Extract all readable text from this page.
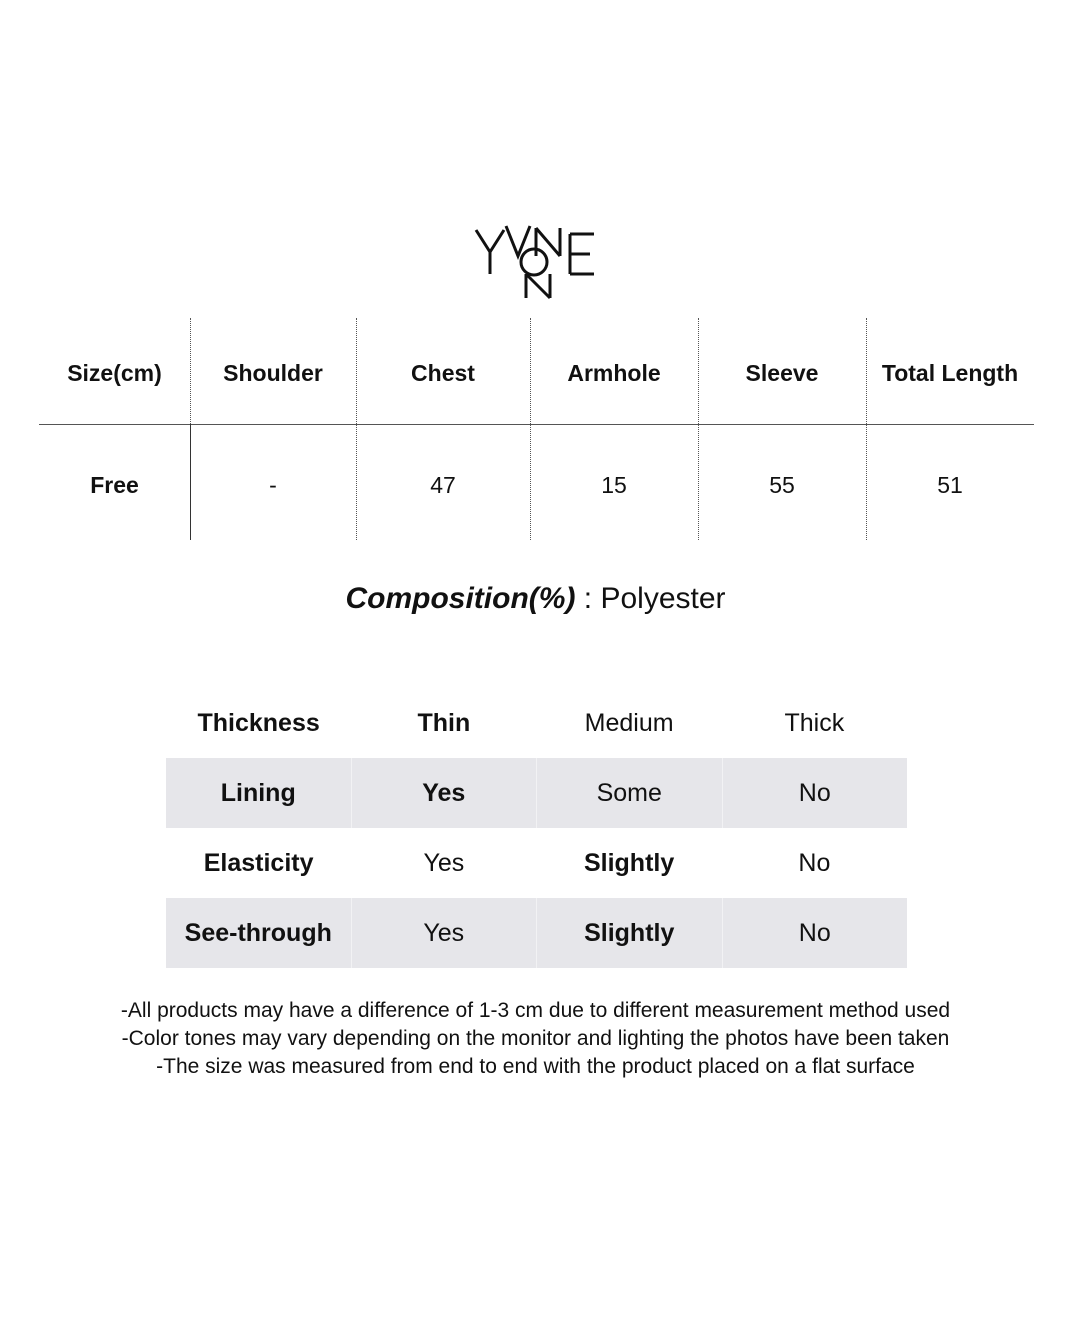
Size(cm)	Shoulder	Chest	Armhole	Sleeve	Total Length
Free	-	47	15	55	51
Composition(%) : Polyester
Thickness	Thin	Medium	Thick
Lining	Yes	Some	No
Elasticity	Yes	Slightly	No
See-through	Yes	Slightly	No
-All products may have a difference of 1-3 cm due to different measurement method used
-Color tones may vary depending on the monitor and lighting the photos have been taken
-The size was measured from end to end with the product placed on a flat surface
